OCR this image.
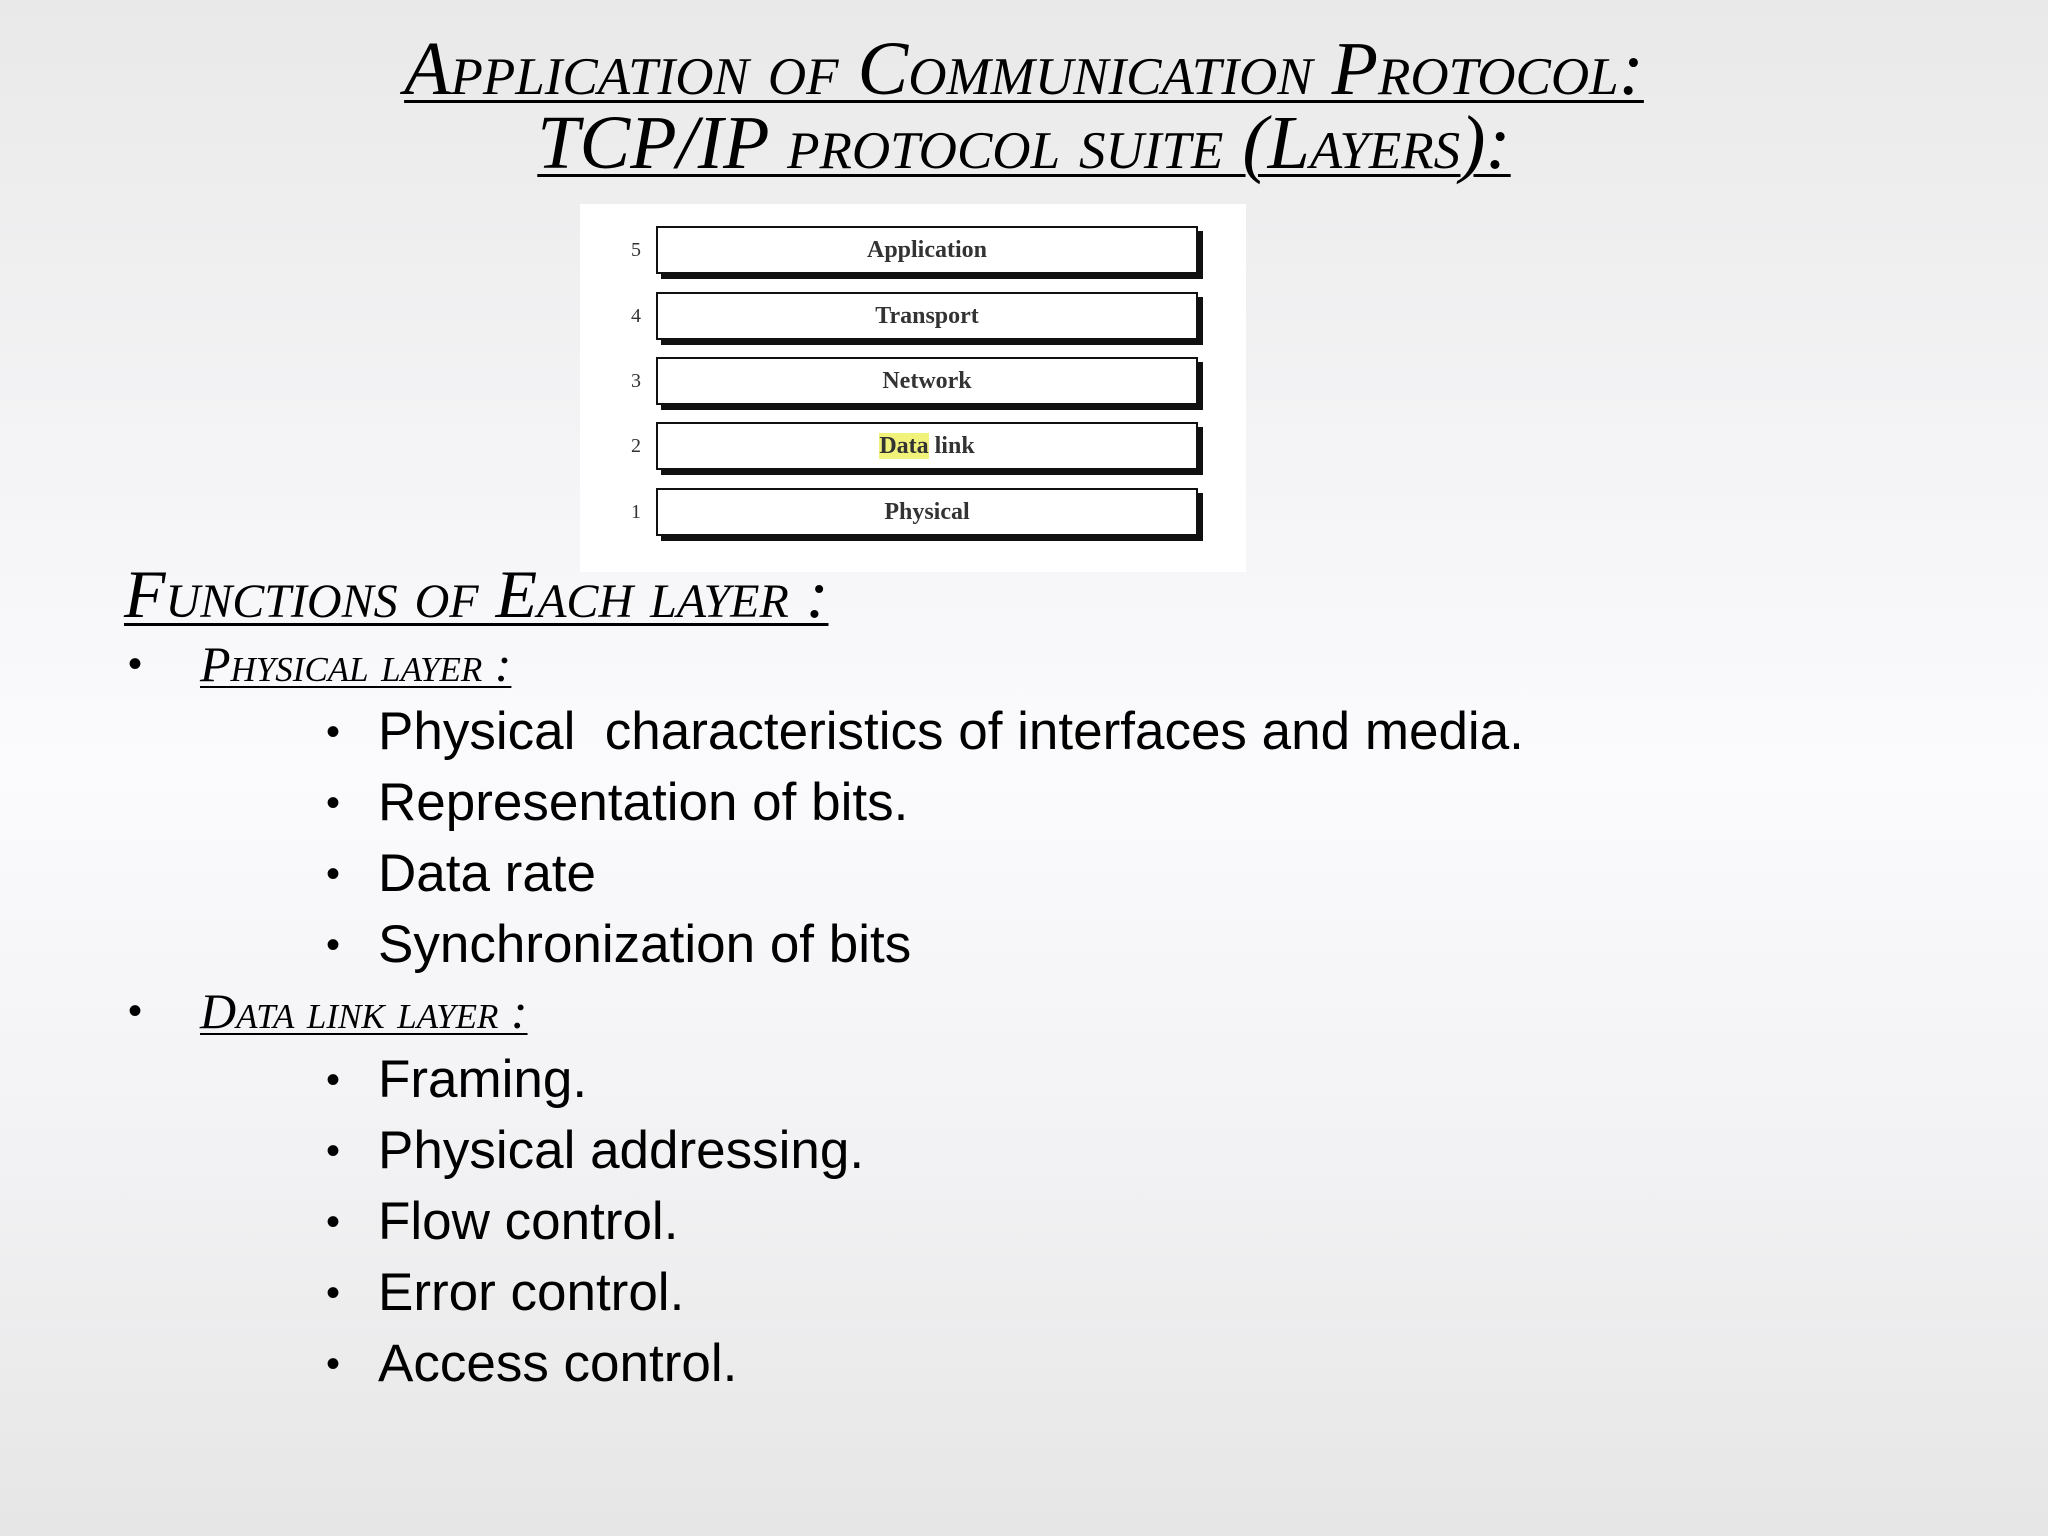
Application of Communication Protocol:
TCP/IP protocol suite (Layers):
5	Application
4	Transport
3	Network
2	Data link
1	Physical
Functions of Each layer :
• Physical layer :
• Physical  characteristics of interfaces and media.
• Representation of bits.
• Data rate
• Synchronization of bits
• Data link layer :
• Framing.
• Physical addressing.
• Flow control.
• Error control.
• Access control.
